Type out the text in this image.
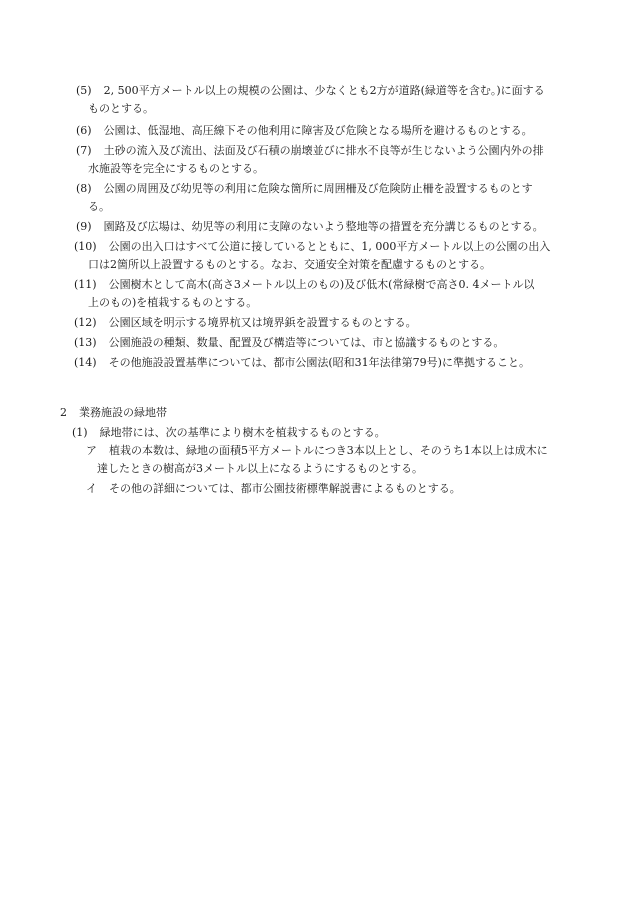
(5) 2, 500平方メートル以上の規模の公園は、少なくとも2方が道路(緑道等を含む。)に面する
ものとする。
(6) 公園は、低湿地、高圧線下その他利用に障害及び危険となる場所を避けるものとする。
(7) 土砂の流入及び流出、法面及び石積の崩壊並びに排水不良等が生じないよう公園内外の排
水施設等を完全にするものとする。
(8) 公園の周囲及び幼児等の利用に危険な箇所に周囲柵及び危険防止柵を設置するものとす
る。
(9) 園路及び広場は、幼児等の利用に支障のないよう整地等の措置を充分講じるものとする。
(10) 公園の出入口はすべて公道に接しているとともに、1, 000平方メートル以上の公園の出入
口は2箇所以上設置するものとする。なお、交通安全対策を配慮するものとする。
(11) 公園樹木として高木(高さ3メートル以上のもの)及び低木(常緑樹で高さ0. 4メートル以
上のもの)を植栽するものとする。
(12) 公園区域を明示する境界杭又は境界鋲を設置するものとする。
(13) 公園施設の種類、数量、配置及び構造等については、市と協議するものとする。
(14) その他施設設置基準については、都市公園法(昭和31年法律第79号)に準拠すること。
2 業務施設の緑地帯
(1) 緑地帯には、次の基準により樹木を植栽するものとする。
ア 植栽の本数は、緑地の面積5平方メートルにつき3本以上とし、そのうち1本以上は成木に
達したときの樹高が3メートル以上になるようにするものとする。
イ その他の詳細については、都市公園技術標準解説書によるものとする。
